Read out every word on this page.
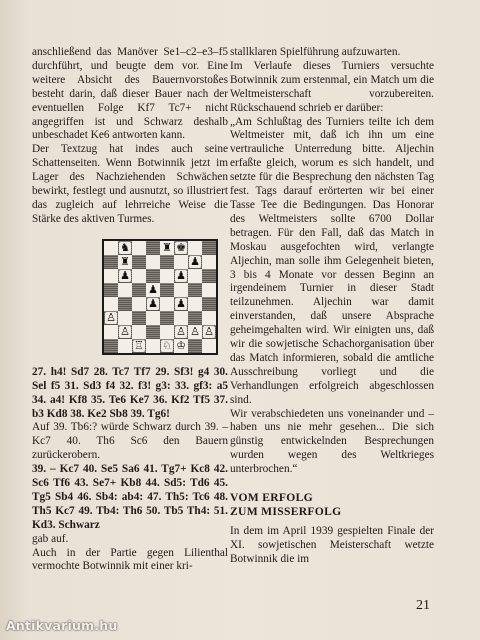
anschließend das Manöver Se1–c2–e3–f5 durchführt, und beugte dem vor. Eine weitere Absicht des Bauernvorstoßes besteht darin, daß dieser Bauer nach der eventuellen Folge Kf7 Tc7+ nicht angegriffen ist und Schwarz deshalb unbeschadet Ke6 antworten kann.

Der Textzug hat indes auch seine Schattenseiten. Wenn Botwinnik jetzt im Lager des Nachziehenden Schwächen bewirkt, festlegt und ausnutzt, so illustriert das zugleich auf lehrreiche Weise die Stärke des aktiven Turmes.

♞	♜ ♚
♜	♟
♟	♟
♟
♟ ♟
♙
♙	♙ ♙ ♙
♖ ♘ ♔

27. h4! Sd7 28. Tc7 Tf7 29. Sf3! g4 30. Sel f5 31. Sd3 f4 32. f3! g3: 33. gf3: a5 34. a4! Kf8 35. Te6 Ke7 36. Kf2 Tf5 37. b3 Kd8 38. Ke2 Sb8 39. Tg6!

Auf 39. Tb6:? würde Schwarz durch 39. – Kc7 40. Th6 Sc6 den Bauern zurückerobern.

39. – Kc7 40. Se5 Sa6 41. Tg7+ Kc8 42. Sc6 Tf6 43. Se7+ Kb8 44. Sd5: Td6 45. Tg5 Sb4 46. Sb4: ab4: 47. Th5: Tc6 48. Th5 Kc7 49. Tb4: Th6 50. Tb5 Th4: 51. Kd3. Schwarz

gab auf.

Auch in der Partie gegen Lilienthal vermochte Botwinnik mit einer kri-

stallklaren Spielführung aufzuwarten.

Im Verlaufe dieses Turniers versuchte Botwinnik zum erstenmal, ein Match um die Weltmeisterschaft vorzubereiten. Rückschauend schrieb er darüber:

„Am Schlußtag des Turniers teilte ich dem Weltmeister mit, daß ich ihn um eine vertrauliche Unterredung bitte. Aljechin erfaßte gleich, worum es sich handelt, und setzte für die Besprechung den nächsten Tag fest. Tags darauf erörterten wir bei einer Tasse Tee die Bedingungen. Das Honorar des Weltmeisters sollte 6700 Dollar betragen. Für den Fall, daß das Match in Moskau ausgefochten wird, verlangte Aljechin, man solle ihm Gelegenheit bieten, 3 bis 4 Monate vor dessen Beginn an irgendeinem Turnier in dieser Stadt teilzunehmen. Aljechin war damit einverstanden, daß unsere Absprache geheimgehalten wird. Wir einigten uns, daß wir die sowjetische Schachorganisation über das Match informieren, sobald die amtliche Ausschreibung vorliegt und die Verhandlungen erfolgreich abgeschlossen sind.

Wir verabschiedeten uns voneinander und – haben uns nie mehr gesehen... Die sich günstig entwickelnden Besprechungen wurden wegen des Weltkrieges unterbrochen.“

VOM ERFOLG
ZUM MISSERFOLG

In dem im April 1939 gespielten Finale der XI. sowjetischen Meisterschaft wetzte Botwinnik die im

21
Antikvarium.hu
